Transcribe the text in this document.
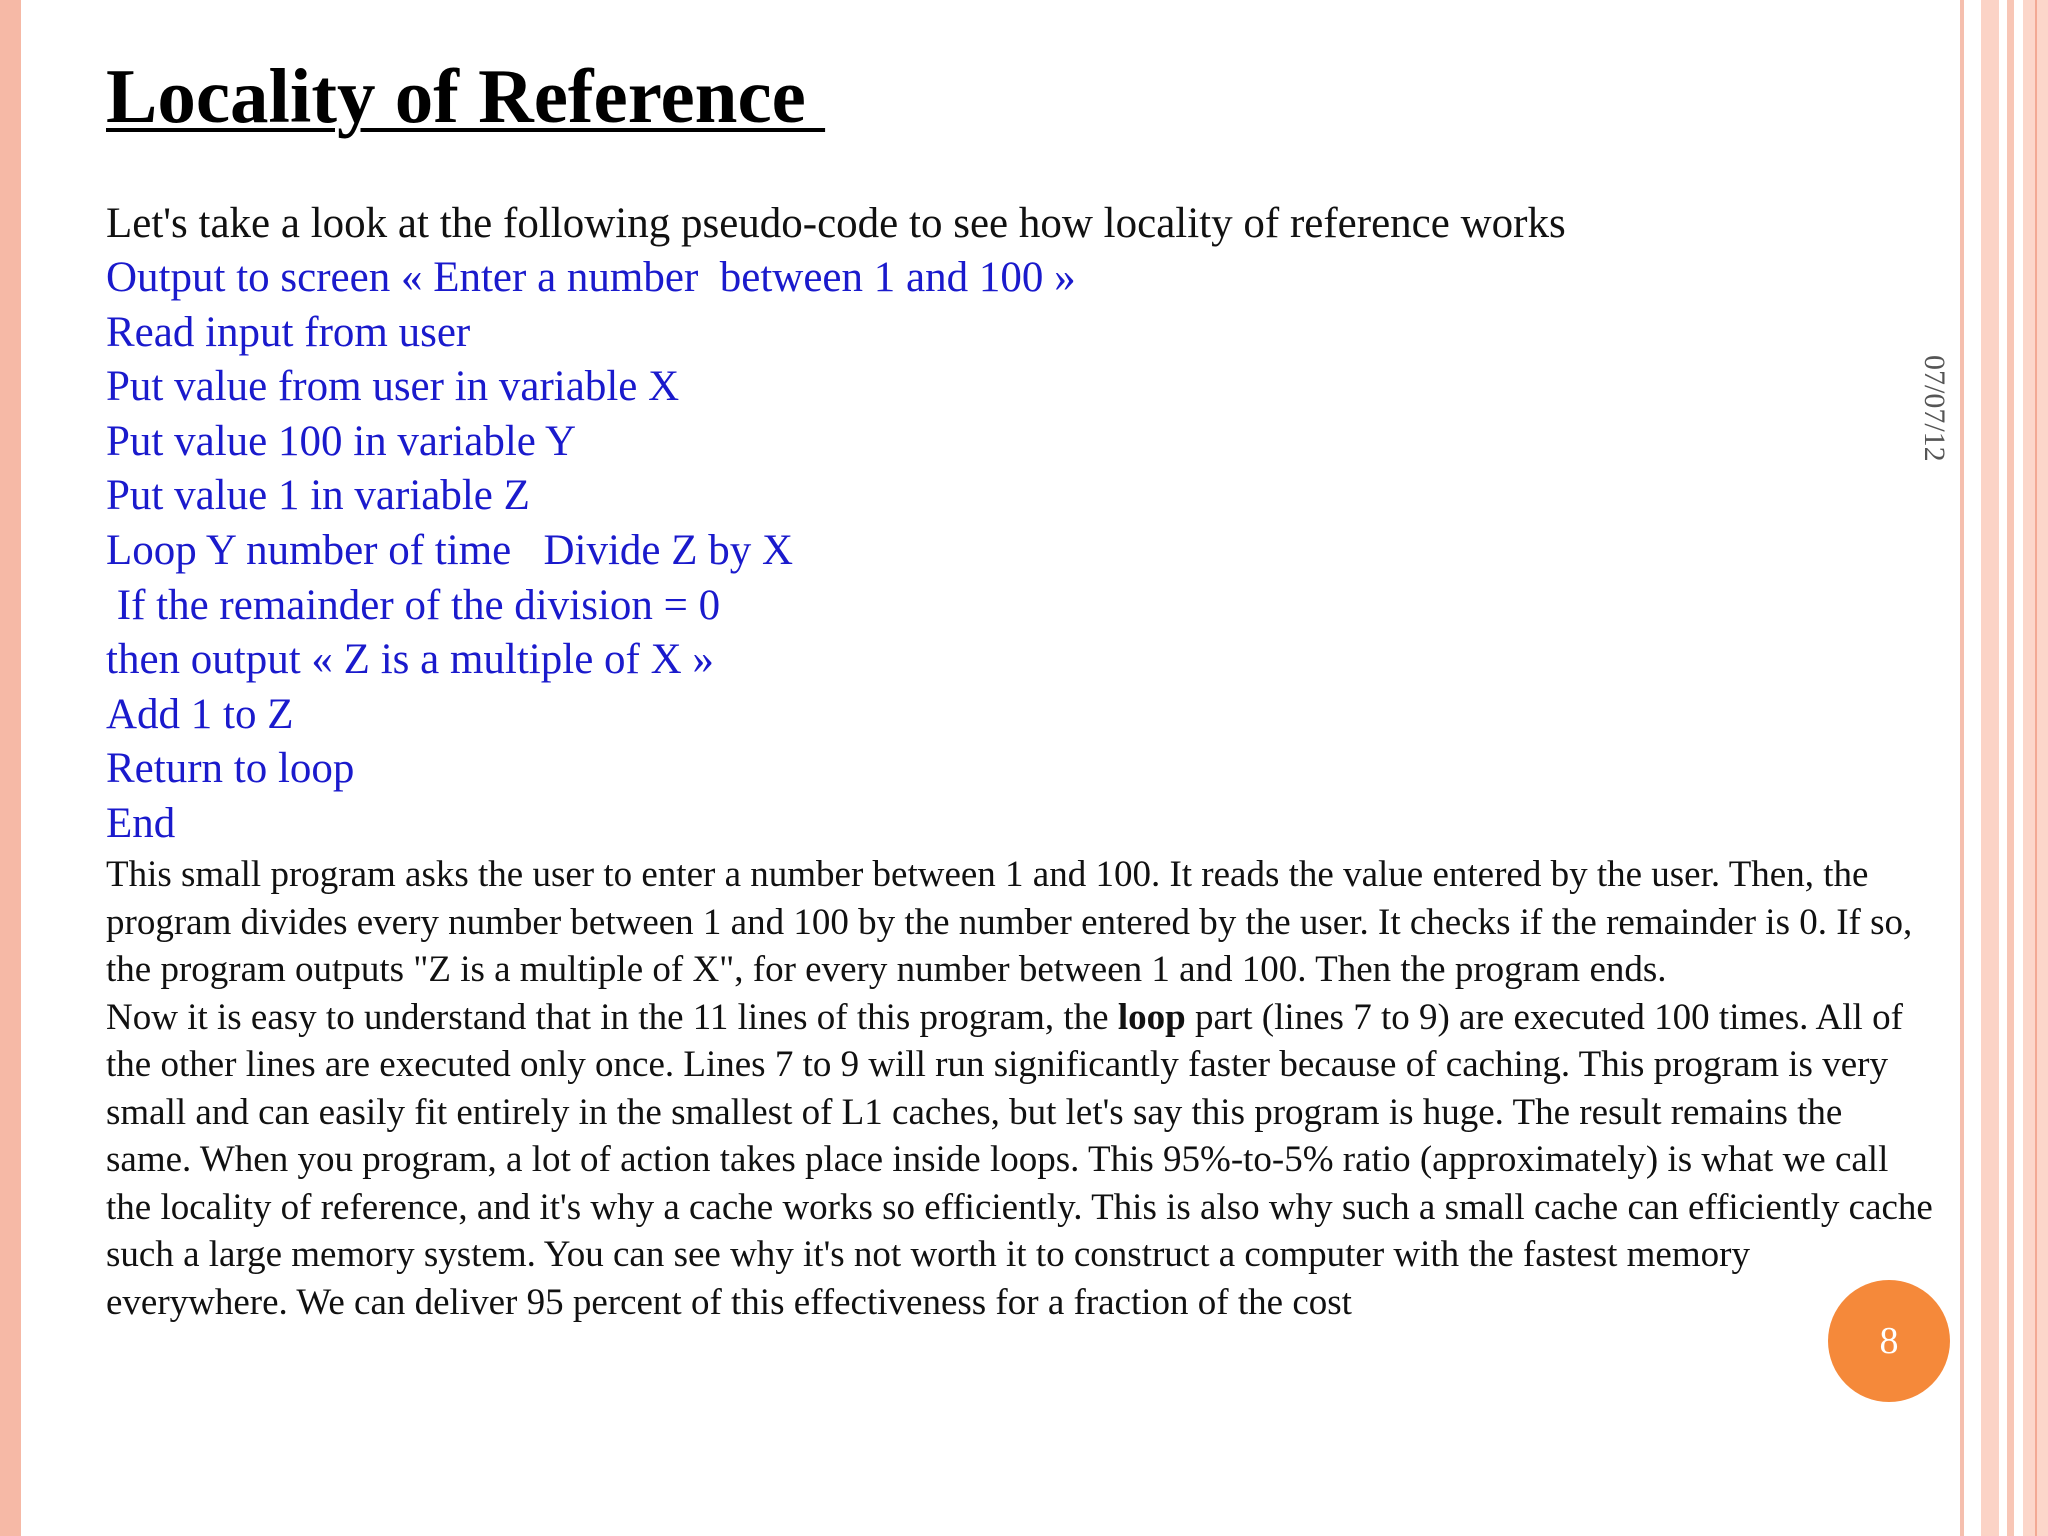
Locality of Reference
07/07/12
Let's take a look at the following pseudo-code to see how locality of reference works
Output to screen « Enter a number  between 1 and 100 »
Read input from user
Put value from user in variable X
Put value 100 in variable Y
Put value 1 in variable Z
Loop Y number of time   Divide Z by X
If the remainder of the division = 0
then output « Z is a multiple of X »
Add 1 to Z
Return to loop
End

This small program asks the user to enter a number between 1 and 100. It reads the value entered by the user. Then, the program divides every number between 1 and 100 by the number entered by the user. It checks if the remainder is 0. If so, the program outputs "Z is a multiple of X", for every number between 1 and 100. Then the program ends.

Now it is easy to understand that in the 11 lines of this program, the loop part (lines 7 to 9) are executed 100 times. All of the other lines are executed only once. Lines 7 to 9 will run significantly faster because of caching. This program is very small and can easily fit entirely in the smallest of L1 caches, but let's say this program is huge. The result remains the same. When you program, a lot of action takes place inside loops. This 95%-to-5% ratio (approximately) is what we call the locality of reference, and it's why a cache works so efficiently. This is also why such a small cache can efficiently cache such a large memory system. You can see why it's not worth it to construct a computer with the fastest memory everywhere. We can deliver 95 percent of this effectiveness for a fraction of the cost

8
